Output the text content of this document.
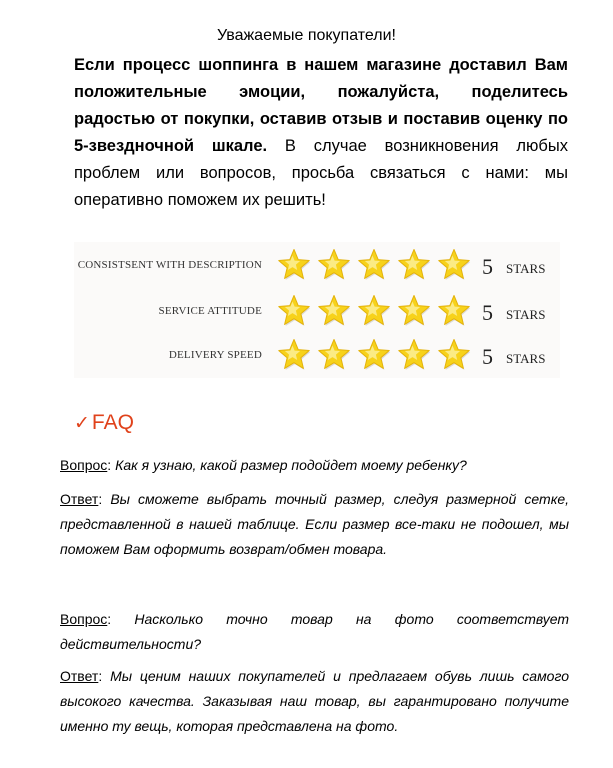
Уважаемые покупатели!
Если процесс шоппинга в нашем магазине доставил Вам положительные эмоции, пожалуйста, поделитесь радостью от покупки, оставив отзыв и поставив оценку по 5-звездночной шкале. В случае возникновения любых проблем или вопросов, просьба связаться с нами: мы оперативно поможем их решить!
CONSISTSENT WITH DESCRIPTION	5 STARS
SERVICE ATTITUDE	5 STARS
DELIVERY SPEED	5 STARS
✓FAQ
Вопрос: Как я узнаю, какой размер подойдет моему ребенку?
Ответ: Вы сможете выбрать точный размер, следуя размерной сетке, представленной в нашей таблице. Если размер все-таки не подошел, мы поможем Вам оформить возврат/обмен товара.
Вопрос: Насколько точно товар на фото соответствует действительности?
Ответ: Мы ценим наших покупателей и предлагаем обувь лишь самого высокого качества. Заказывая наш товар, вы гарантировано получите именно ту вещь, которая представлена на фото.
